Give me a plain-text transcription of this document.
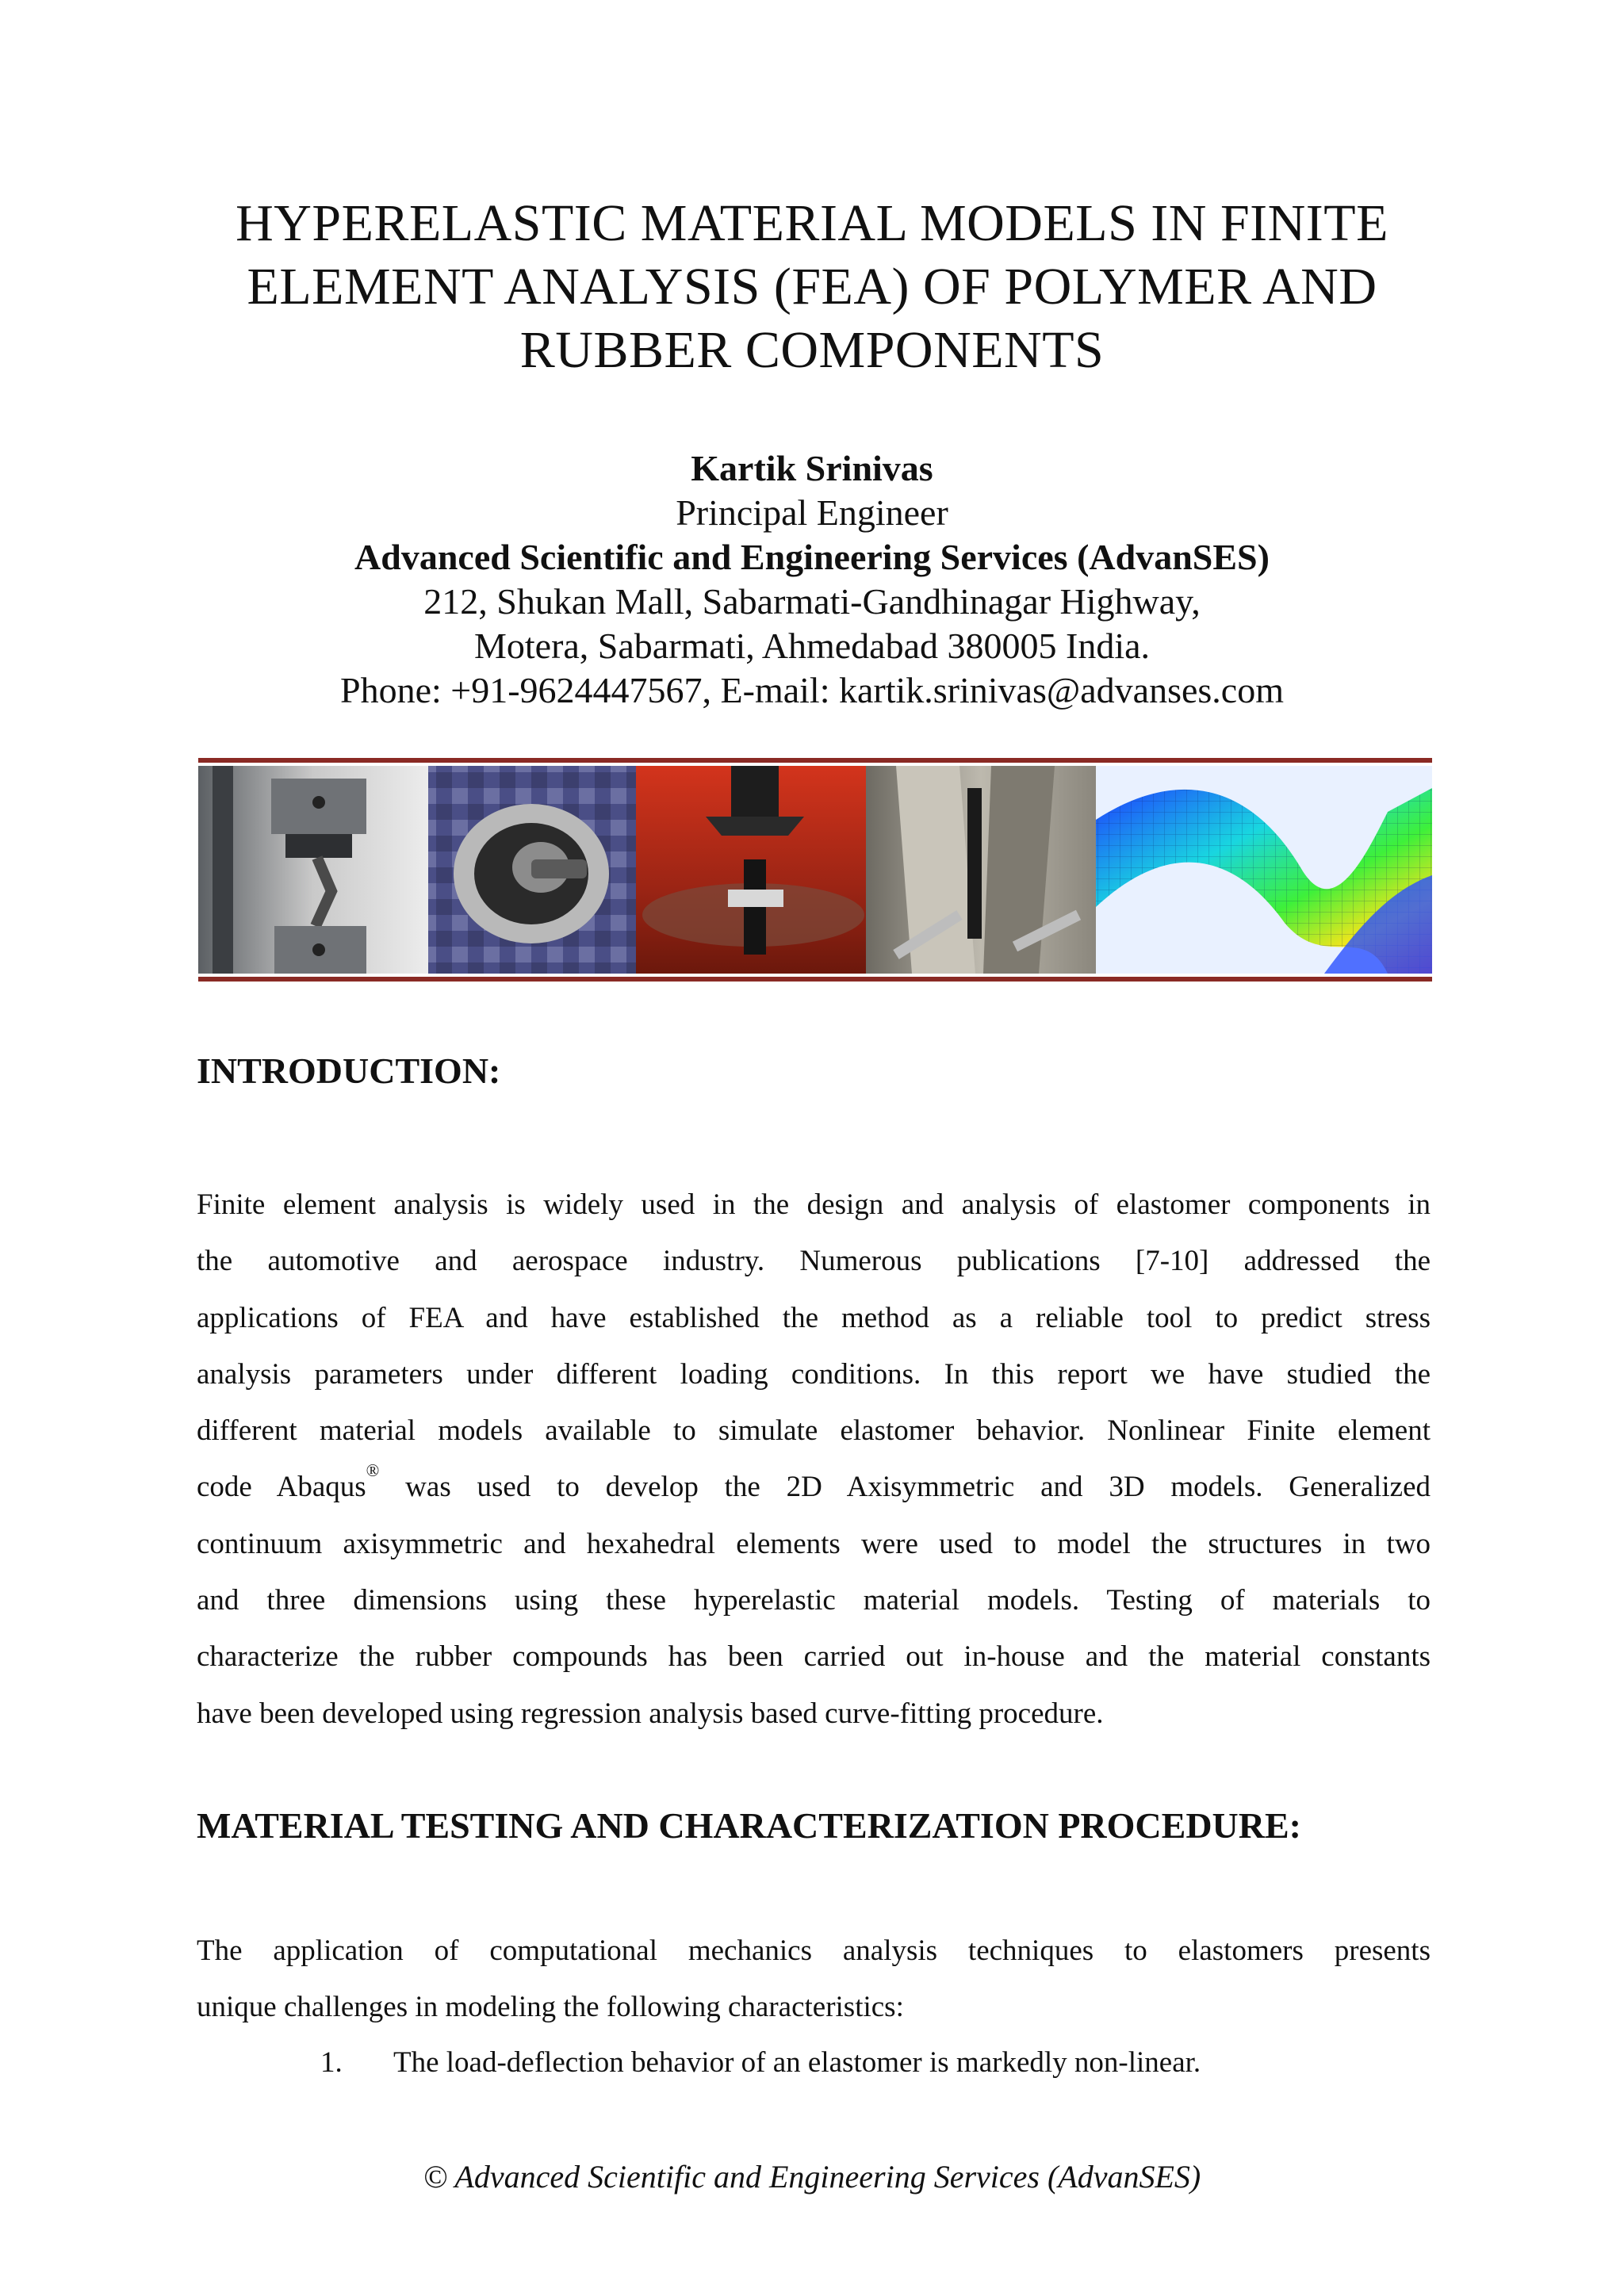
HYPERELASTIC MATERIAL MODELS IN FINITE
ELEMENT ANALYSIS (FEA) OF POLYMER AND
RUBBER COMPONENTS
Kartik Srinivas
Principal Engineer
Advanced Scientific and Engineering Services (AdvanSES)
212, Shukan Mall, Sabarmati-Gandhinagar Highway,
Motera, Sabarmati, Ahmedabad 380005 India.
Phone: +91-9624447567, E-mail: kartik.srinivas@advanses.com
INTRODUCTION:
Finite element analysis is widely used in the design and analysis of elastomer components in
the automotive and aerospace industry. Numerous publications [7-10] addressed the
applications of FEA and have established the method as a reliable tool to predict stress
analysis parameters under different loading conditions. In this report we have studied the
different material models available to simulate elastomer behavior. Nonlinear Finite element
code Abaqus® was used to develop the 2D Axisymmetric and 3D models. Generalized
continuum axisymmetric and hexahedral elements were used to model the structures in two
and three dimensions using these hyperelastic material models. Testing of materials to
characterize the rubber compounds has been carried out in-house and the material constants
have been developed using regression analysis based curve-fitting procedure.
MATERIAL TESTING AND CHARACTERIZATION PROCEDURE:
The application of computational mechanics analysis techniques to elastomers presents
unique challenges in modeling the following characteristics:
1. The load-deflection behavior of an elastomer is markedly non-linear.
© Advanced Scientific and Engineering Services (AdvanSES)
